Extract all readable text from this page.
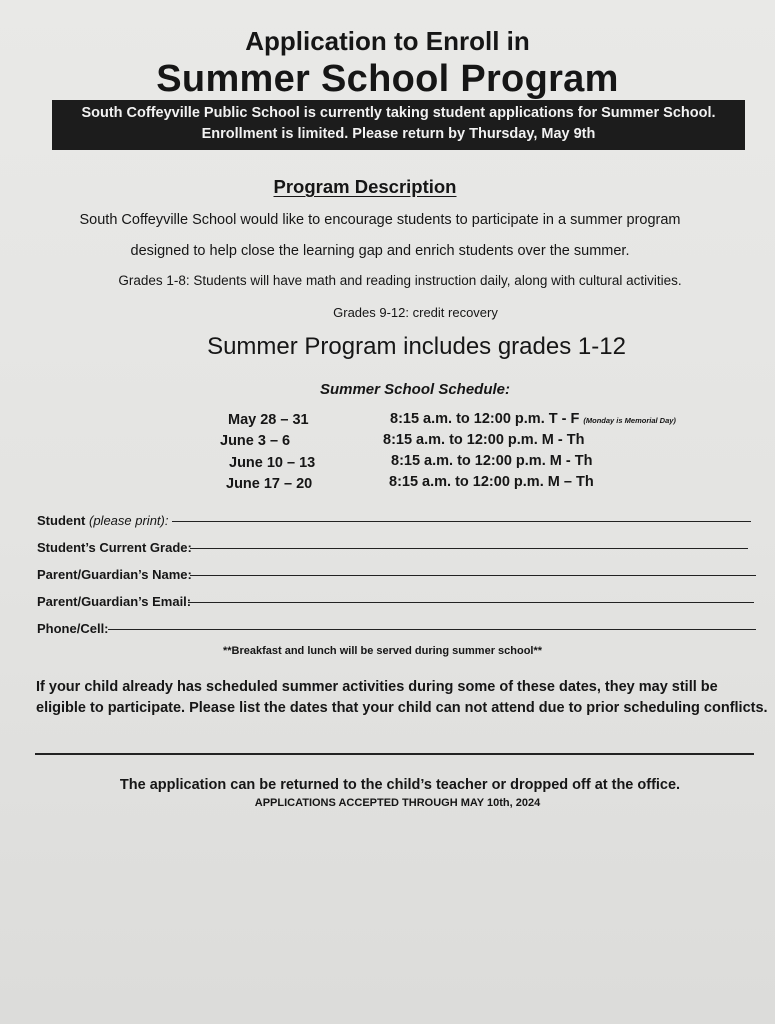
Application to Enroll in
Summer School Program
South Coffeyville Public School is currently taking student applications for Summer School.
Enrollment is limited. Please return by Thursday, May 9th
Program Description
South Coffeyville School would like to encourage students to participate in a summer program
designed to help close the learning gap and enrich students over the summer.
Grades 1-8: Students will have math and reading instruction daily, along with cultural activities.
Grades 9-12: credit recovery
Summer Program includes grades 1-12
Summer School Schedule:
May 28 – 31	8:15 a.m. to 12:00 p.m. T - F (Monday is Memorial Day)
June 3 – 6	8:15 a.m. to 12:00 p.m. M - Th
June 10 – 13	8:15 a.m. to 12:00 p.m. M - Th
June 17 – 20	8:15 a.m. to 12:00 p.m. M – Th
Student (please print):
Student’s Current Grade:
Parent/Guardian’s Name:
Parent/Guardian’s Email:
Phone/Cell:
**Breakfast and lunch will be served during summer school**
If your child already has scheduled summer activities during some of these dates, they may still be eligible to participate. Please list the dates that your child can not attend due to prior scheduling conflicts.
The application can be returned to the child’s teacher or dropped off at the office.
APPLICATIONS ACCEPTED THROUGH MAY 10th, 2024
